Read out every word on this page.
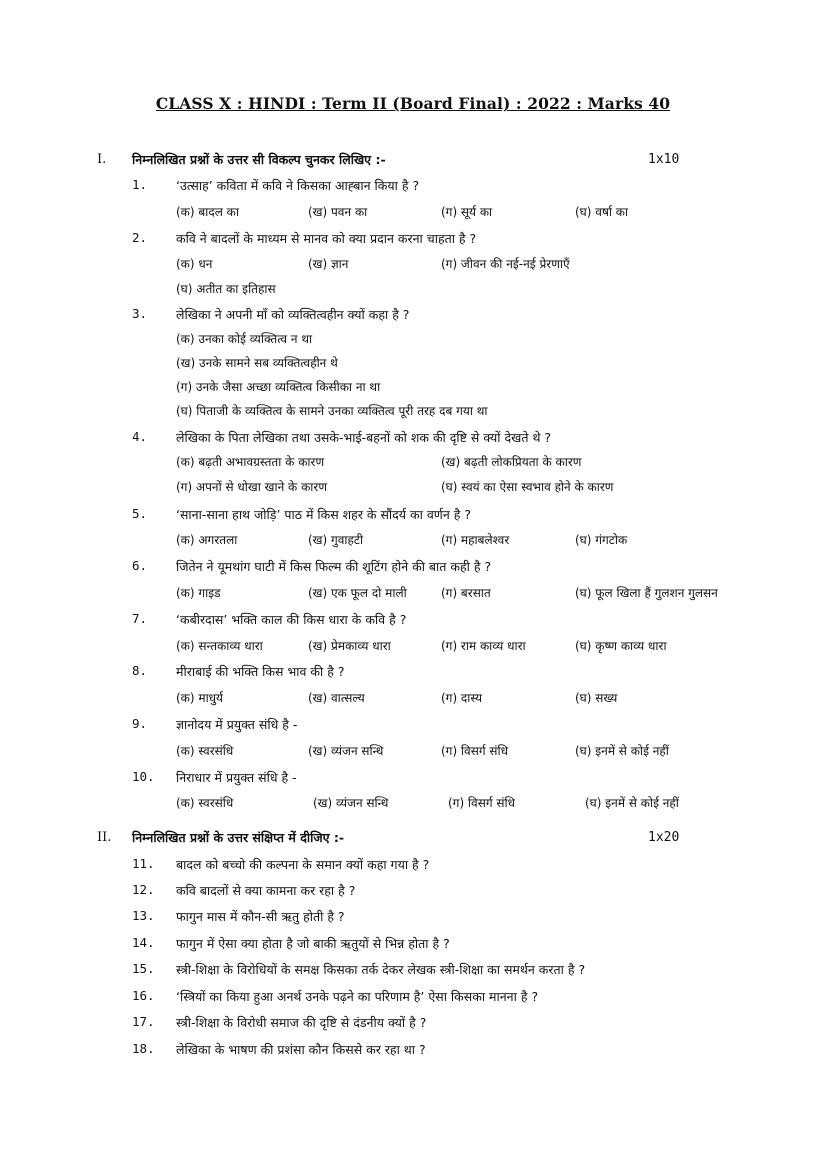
CLASS X : HINDI : Term II (Board Final) : 2022 : Marks 40
I. निम्नलिखित प्रश्नों के उत्तर सी विकल्प चुनकर लिखिए :-	1x10
1. ‘उत्साह’ कविता में कवि ने किसका आह्बान किया है ?
(क) बादल का	(ख) पवन का	(ग) सूर्य का	(घ) वर्षा का
2. कवि ने बादलों के माध्यम से मानव को क्या प्रदान करना चाहता है ?
(क) धन	(ख) ज्ञान	(ग) जीवन की नई-नई प्रेरणाएँ
(घ) अतीत का इतिहास
3. लेखिका ने अपनी माँ को व्यक्तित्वहीन क्यों कहा है ?
(क) उनका कोई व्यक्तित्व न था
(ख) उनके सामने सब व्यक्तित्वहीन थे
(ग) उनके जैसा अच्छा व्यक्तित्व किसीका ना था
(घ) पिताजी के व्यक्तित्व के सामने उनका व्यक्तित्व पूरी तरह दब गया था
4. लेखिका के पिता लेखिका तथा उसके-भाई-बहनों को शक की दृष्टि से क्यों देखते थे ?
(क) बढ़ती अभावग्रस्तता के कारण	(ख) बढ़ती लोकप्रियता के कारण
(ग) अपनों से धोखा खाने के कारण	(घ) स्वयं का ऐसा स्वभाव होने के कारण
5. ‘साना-साना हाथ जोड़ि’ पाठ में किस शहर के सौंदर्य का वर्णन है ?
(क) अगरतला	(ख) गुवाहटी	(ग) महाबलेश्वर	(घ) गंगटोक
6. जितेन ने यूमथांग घाटी में किस फिल्म की शूटिंग होने की बात कही है ?
(क) गाइड	(ख) एक फूल दो माली	(ग) बरसात	(घ) फूल खिला हैं गुलशन गुलसन
7. ‘कबीरदास’ भक्ति काल की किस धारा के कवि है ?
(क) सन्तकाव्य धारा	(ख) प्रेमकाव्य धारा	(ग) राम काव्य धारा	(घ) कृष्ण काव्य धारा
8. मीराबाई की भक्ति किस भाव की है ?
(क) माधुर्य	(ख) वात्सल्य	(ग) दास्य	(घ) सख्य
9. ज्ञानोदय में प्रयुक्त संधि है -
(क) स्वरसंधि	(ख) व्यंजन सन्धि	(ग) विसर्ग संधि	(घ) इनमें से कोई नहीं
10. निराधार में प्रयुक्त संधि है -
(क) स्वरसंधि	(ख) व्यंजन सन्धि	(ग) विसर्ग संधि	(घ) इनमें से कोई नहीं
II. निम्नलिखित प्रश्नों के उत्तर संक्षिप्त में दीजिए :-	1x20
11. बादल को बच्चो की कल्पना के समान क्यों कहा गया है ?
12. कवि बादलों से क्या कामना कर रहा है ?
13. फागुन मास में कौन-सी ऋतु होती है ?
14. फागुन में ऐसा क्या होता है जो बाकी ऋतुयों से भिन्न होता है ?
15. स्त्री-शिक्षा के विरोधियों के समक्ष किसका तर्क देकर लेखक स्त्री-शिक्षा का समर्थन करता है ?
16. ‘स्त्रियों का किया हुआ अनर्थ उनके पढ़ने का परिणाम है’ ऐसा किसका मानना है ?
17. स्त्री-शिक्षा के विरोधी समाज की दृष्टि से दंडनीय क्यों है ?
18. लेखिका के भाषण की प्रशंसा कौन किससे कर रहा था ?
